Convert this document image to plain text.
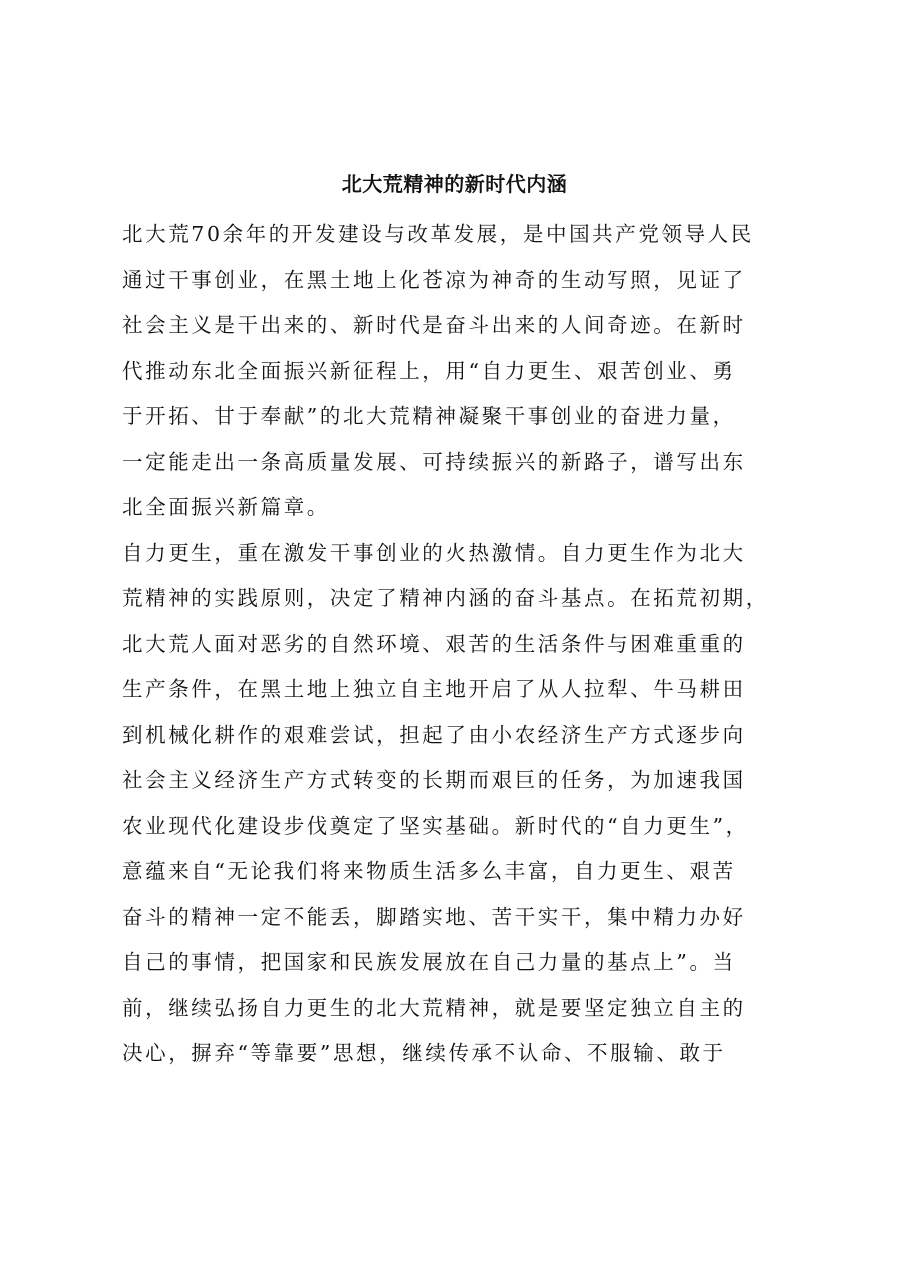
北大荒精神的新时代内涵
北大荒70余年的开发建设与改革发展，是中国共产党领导人民
通过干事创业，在黑土地上化苍凉为神奇的生动写照，见证了
社会主义是干出来的、新时代是奋斗出来的人间奇迹。在新时
代推动东北全面振兴新征程上，用“自力更生、艰苦创业、勇
于开拓、甘于奉献”的北大荒精神凝聚干事创业的奋进力量，
一定能走出一条高质量发展、可持续振兴的新路子，谱写出东
北全面振兴新篇章。
自力更生，重在激发干事创业的火热激情。自力更生作为北大
荒精神的实践原则，决定了精神内涵的奋斗基点。在拓荒初期，
北大荒人面对恶劣的自然环境、艰苦的生活条件与困难重重的
生产条件，在黑土地上独立自主地开启了从人拉犁、牛马耕田
到机械化耕作的艰难尝试，担起了由小农经济生产方式逐步向
社会主义经济生产方式转变的长期而艰巨的任务，为加速我国
农业现代化建设步伐奠定了坚实基础。新时代的“自力更生”，
意蕴来自“无论我们将来物质生活多么丰富，自力更生、艰苦
奋斗的精神一定不能丢，脚踏实地、苦干实干，集中精力办好
自己的事情，把国家和民族发展放在自己力量的基点上”。当
前，继续弘扬自力更生的北大荒精神，就是要坚定独立自主的
决心，摒弃“等靠要”思想，继续传承不认命、不服输、敢于
